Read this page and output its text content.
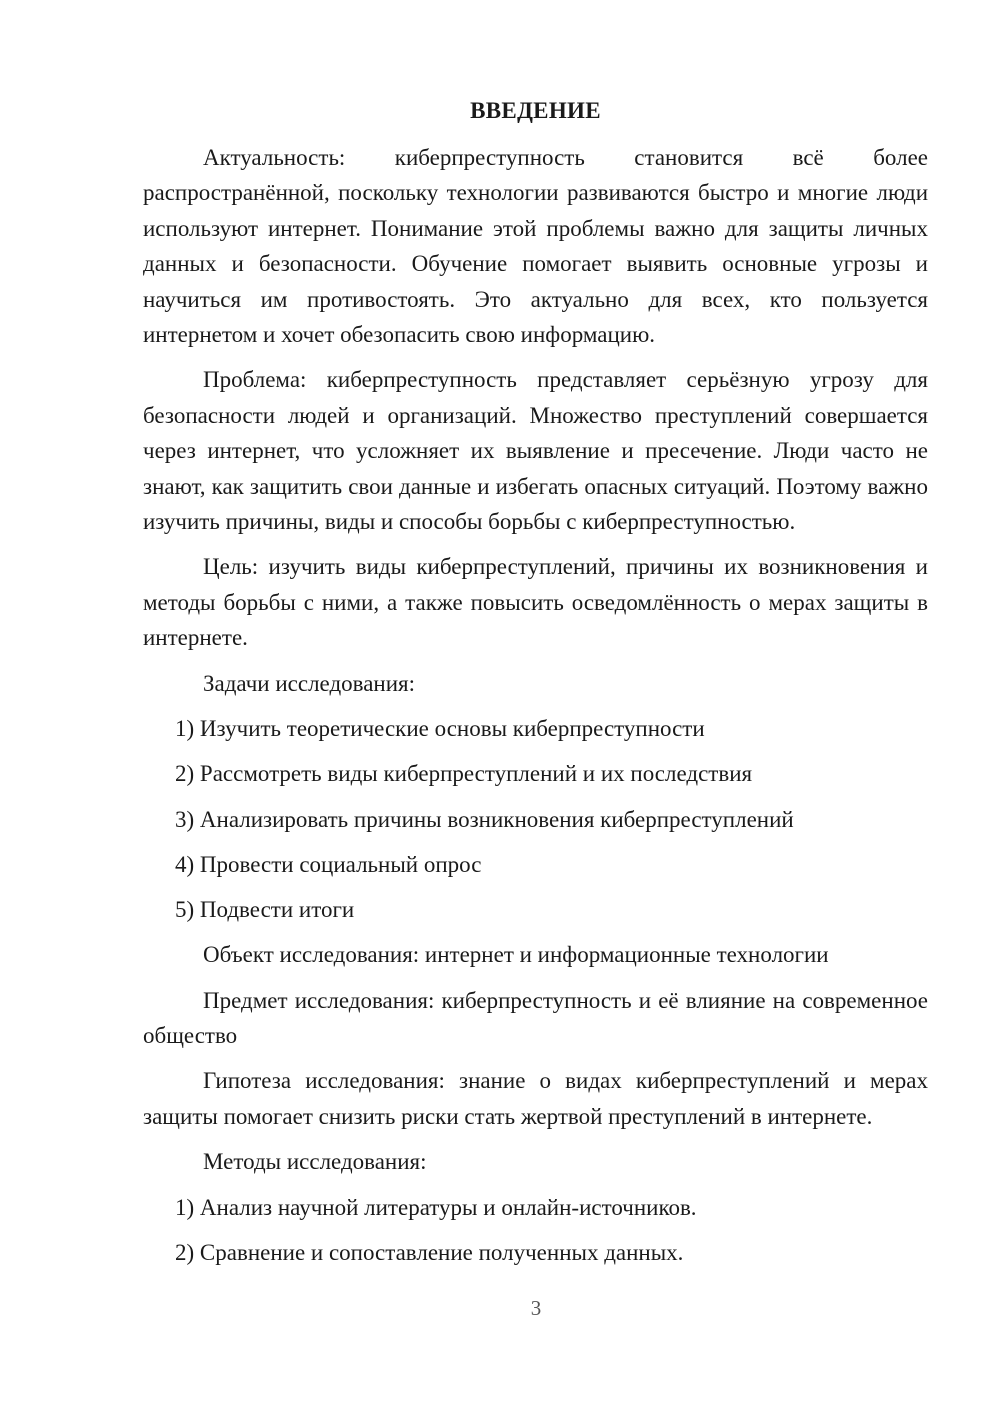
ВВЕДЕНИЕ

Актуальность: киберпреступность становится всё более распространённой, поскольку технологии развиваются быстро и многие люди используют интернет. Понимание этой проблемы важно для защиты личных данных и безопасности. Обучение помогает выявить основные угрозы и научиться им противостоять. Это актуально для всех, кто пользуется интернетом и хочет обезопасить свою информацию.

Проблема: киберпреступность представляет серьёзную угрозу для безопасности людей и организаций. Множество преступлений совершается через интернет, что усложняет их выявление и пресечение. Люди часто не знают, как защитить свои данные и избегать опасных ситуаций. Поэтому важно изучить причины, виды и способы борьбы с киберпреступностью.

Цель: изучить виды киберпреступлений, причины их возникновения и методы борьбы с ними, а также повысить осведомлённость о мерах защиты в интернете.

Задачи исследования:

1) Изучить теоретические основы киберпреступности
2) Рассмотреть виды киберпреступлений и их последствия
3) Анализировать причины возникновения киберпреступлений
4) Провести социальный опрос
5) Подвести итоги

Объект исследования: интернет и информационные технологии

Предмет исследования: киберпреступность и её влияние на современное общество

Гипотеза исследования: знание о видах киберпреступлений и мерах защиты помогает снизить риски стать жертвой преступлений в интернете.

Методы исследования:

1) Анализ научной литературы и онлайн-источников.
2) Сравнение и сопоставление полученных данных.
3
